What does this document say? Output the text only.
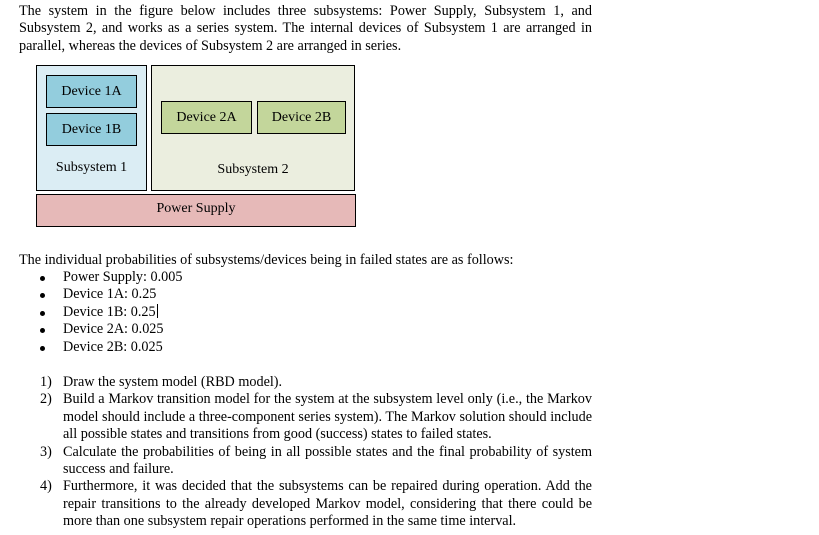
The system in the figure below includes three subsystems: Power Supply, Subsystem 1, and Subsystem 2, and works as a series system. The internal devices of Subsystem 1 are arranged in parallel, whereas the devices of Subsystem 2 are arranged in series.

Subsystem 1	Subsystem 2
Device 1A
Device 1B
Device 2A	Device 2B
Power Supply
The individual probabilities of subsystems/devices being in failed states are as follows:
Power Supply: 0.005
Device 1A: 0.25
Device 1B: 0.25
Device 2A: 0.025
Device 2B: 0.025
1) Draw the system model (RBD model).
2) Build a Markov transition model for the system at the subsystem level only (i.e., the Markov model should include a three-component series system). The Markov solution should include all possible states and transitions from good (success) states to failed states.
3) Calculate the probabilities of being in all possible states and the final probability of system success and failure.
4) Furthermore, it was decided that the subsystems can be repaired during operation. Add the repair transitions to the already developed Markov model, considering that there could be more than one subsystem repair operations performed in the same time interval.
